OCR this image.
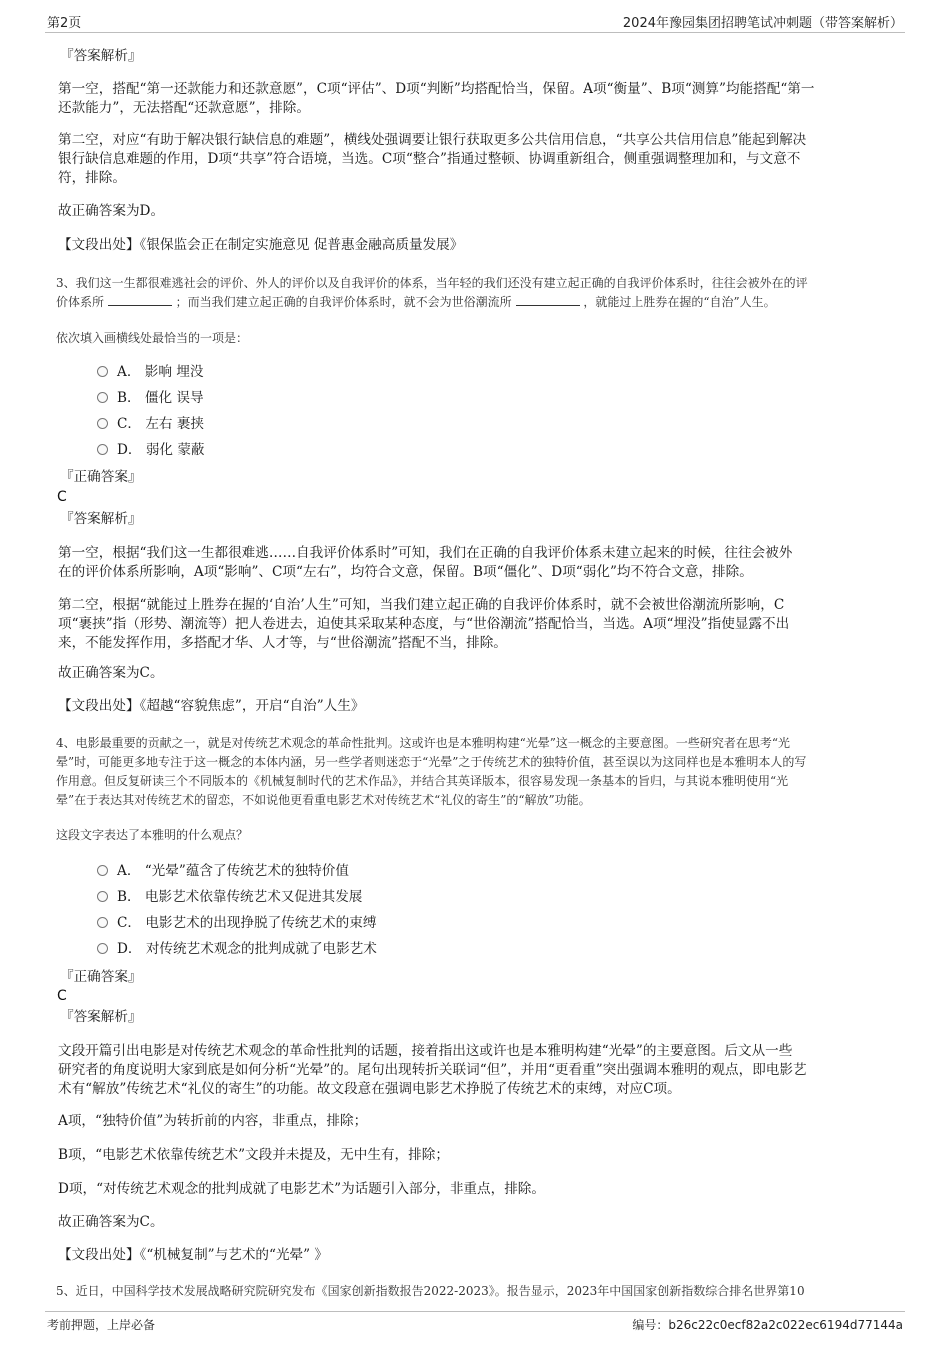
第2页	2024年豫园集团招聘笔试冲刺题（带答案解析）
『答案解析』
第一空，搭配“第一还款能力和还款意愿”，C项“评估”、D项“判断”均搭配恰当，保留。A项“衡量”、B项“测算”均能搭配“第一
还款能力”，无法搭配“还款意愿”，排除。
第二空，对应“有助于解决银行缺信息的难题”，横线处强调要让银行获取更多公共信用信息，“共享公共信用信息”能起到解决
银行缺信息难题的作用，D项“共享”符合语境，当选。C项“整合”指通过整顿、协调重新组合，侧重强调整理加和，与文意不
符，排除。
故正确答案为D。
【文段出处】《银保监会正在制定实施意见 促普惠金融高质量发展》
3、我们这一生都很难逃社会的评价、外人的评价以及自我评价的体系，当年轻的我们还没有建立起正确的自我评价体系时，往往会被外在的评
价体系所	；而当我们建立起正确的自我评价体系时，就不会为世俗潮流所	，就能过上胜券在握的“自治”人生。
依次填入画横线处最恰当的一项是：
A． 影响 埋没
B． 僵化 误导
C． 左右 裹挟
D． 弱化 蒙蔽
『正确答案』
C
『答案解析』
第一空，根据“我们这一生都很难逃……自我评价体系时”可知，我们在正确的自我评价体系未建立起来的时候，往往会被外
在的评价体系所影响，A项“影响”、C项“左右”，均符合文意，保留。B项“僵化”、D项“弱化”均不符合文意，排除。
第二空，根据“就能过上胜券在握的‘自治’人生”可知，当我们建立起正确的自我评价体系时，就不会被世俗潮流所影响，C
项“裹挟”指（形势、潮流等）把人卷进去，迫使其采取某种态度，与“世俗潮流”搭配恰当，当选。A项“埋没”指使显露不出
来，不能发挥作用，多搭配才华、人才等，与“世俗潮流”搭配不当，排除。
故正确答案为C。
【文段出处】《超越“容貌焦虑”，开启“自治”人生》
4、电影最重要的贡献之一，就是对传统艺术观念的革命性批判。这或许也是本雅明构建“光晕”这一概念的主要意图。一些研究者在思考“光
晕”时，可能更多地专注于这一概念的本体内涵，另一些学者则迷恋于“光晕”之于传统艺术的独特价值，甚至误以为这同样也是本雅明本人的写
作用意。但反复研读三个不同版本的《机械复制时代的艺术作品》，并结合其英译版本，很容易发现一条基本的旨归，与其说本雅明使用“光
晕”在于表达其对传统艺术的留恋，不如说他更看重电影艺术对传统艺术“礼仪的寄生”的“解放”功能。
这段文字表达了本雅明的什么观点？
A． “光晕”蕴含了传统艺术的独特价值
B． 电影艺术依靠传统艺术又促进其发展
C． 电影艺术的出现挣脱了传统艺术的束缚
D． 对传统艺术观念的批判成就了电影艺术
『正确答案』
C
『答案解析』
文段开篇引出电影是对传统艺术观念的革命性批判的话题，接着指出这或许也是本雅明构建“光晕”的主要意图。后文从一些
研究者的角度说明大家到底是如何分析“光晕”的。尾句出现转折关联词“但”，并用“更看重”突出强调本雅明的观点，即电影艺
术有“解放”传统艺术“礼仪的寄生”的功能。故文段意在强调电影艺术挣脱了传统艺术的束缚，对应C项。
A项，“独特价值”为转折前的内容，非重点，排除；
B项，“电影艺术依靠传统艺术”文段并未提及，无中生有，排除；
D项，“对传统艺术观念的批判成就了电影艺术”为话题引入部分，非重点，排除。
故正确答案为C。
【文段出处】《“机械复制”与艺术的“光晕” 》
5、近日，中国科学技术发展战略研究院研究发布《国家创新指数报告2022-2023》。报告显示，2023年中国国家创新指数综合排名世界第10
考前押题，上岸必备	编号：b26c22c0ecf82a2c022ec6194d77144a
